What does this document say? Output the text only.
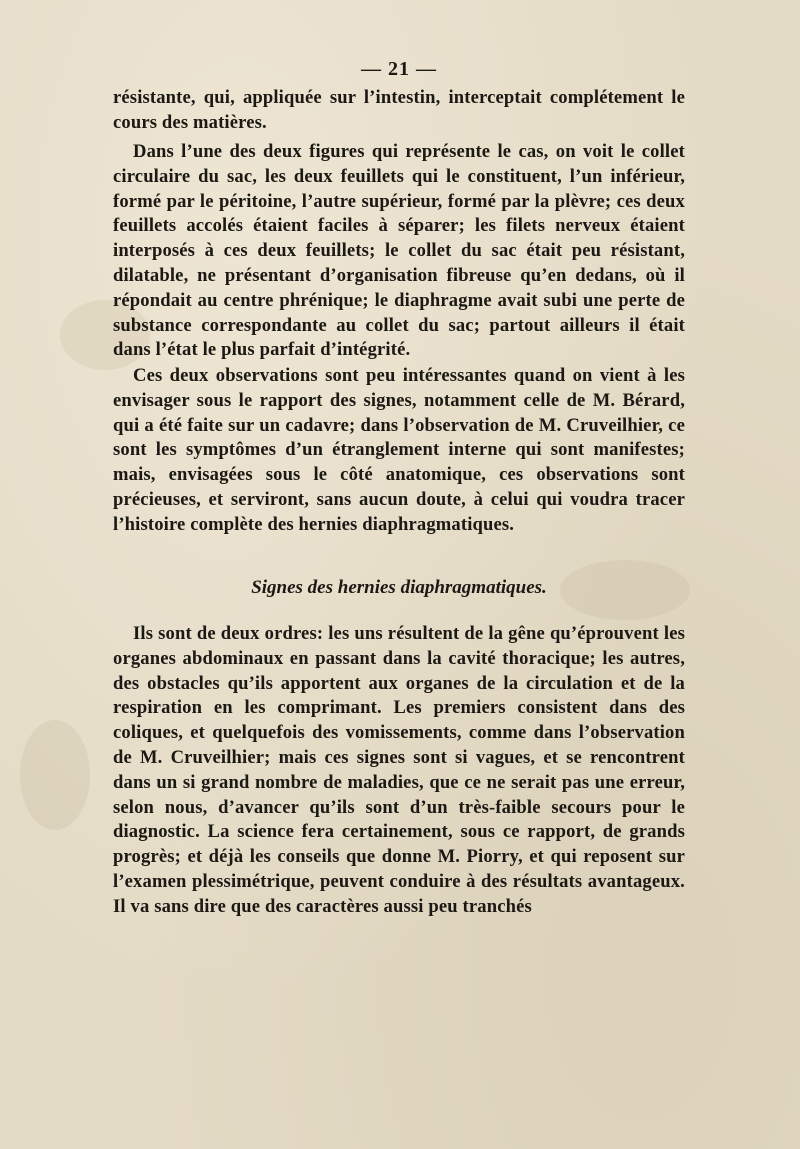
— 21 —

résistante, qui, appliquée sur l’intestin, interceptait complétement le cours des matières.

Dans l’une des deux figures qui représente le cas, on voit le collet circulaire du sac, les deux feuillets qui le constituent, l’un inférieur, formé par le péritoine, l’autre supérieur, formé par la plèvre; ces deux feuillets accolés étaient faciles à séparer; les filets nerveux étaient interposés à ces deux feuillets; le collet du sac était peu résistant, dilatable, ne présentant d’organisation fibreuse qu’en dedans, où il répondait au centre phrénique; le diaphragme avait subi une perte de substance correspondante au collet du sac; partout ailleurs il était dans l’état le plus parfait d’intégrité.

Ces deux observations sont peu intéressantes quand on vient à les envisager sous le rapport des signes, notamment celle de M. Bérard, qui a été faite sur un cadavre; dans l’observation de M. Cruveilhier, ce sont les symptômes d’un étranglement interne qui sont manifestes; mais, envisagées sous le côté anatomique, ces observations sont précieuses, et serviront, sans aucun doute, à celui qui voudra tracer l’histoire complète des hernies diaphragmatiques.

Signes des hernies diaphragmatiques.

Ils sont de deux ordres: les uns résultent de la gêne qu’éprouvent les organes abdominaux en passant dans la cavité thoracique; les autres, des obstacles qu’ils apportent aux organes de la circulation et de la respiration en les comprimant. Les premiers consistent dans des coliques, et quelquefois des vomissements, comme dans l’observation de M. Cruveilhier; mais ces signes sont si vagues, et se rencontrent dans un si grand nombre de maladies, que ce ne serait pas une erreur, selon nous, d’avancer qu’ils sont d’un très-faible secours pour le diagnostic. La science fera certainement, sous ce rapport, de grands progrès; et déjà les conseils que donne M. Piorry, et qui reposent sur l’examen plessimétrique, peuvent conduire à des résultats avantageux. Il va sans dire que des caractères aussi peu tranchés
